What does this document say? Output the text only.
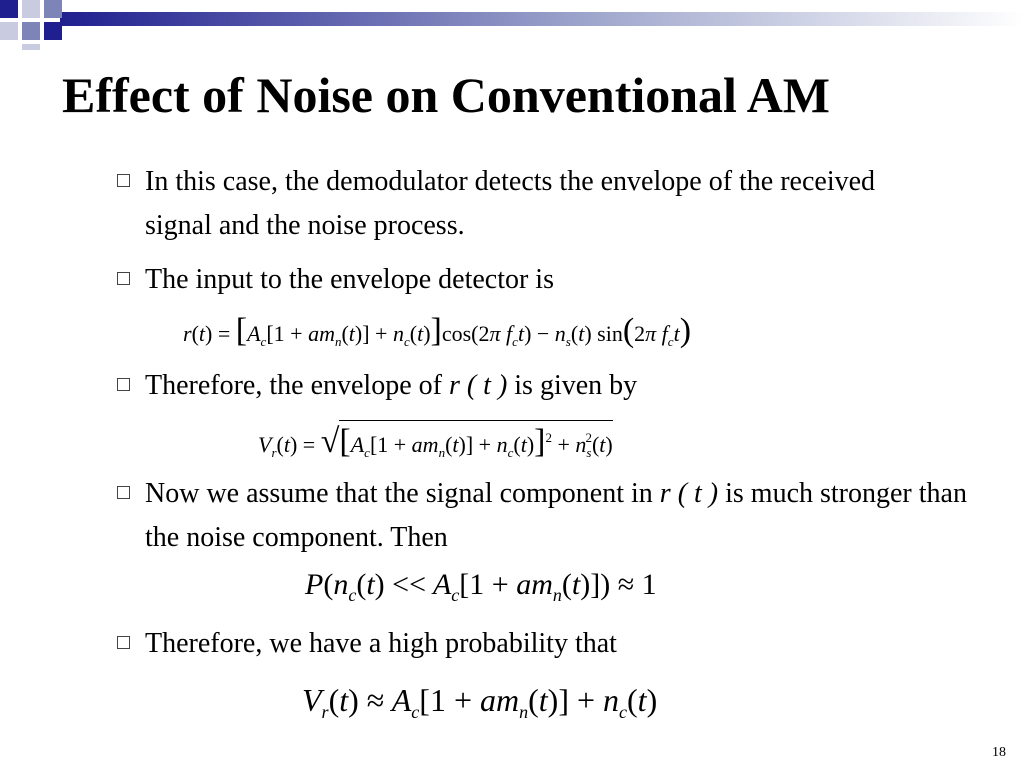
Effect of Noise on Conventional AM
In this case, the demodulator detects the envelope of the received signal and the noise process.
The input to the envelope detector is
$r(t) = [A_c[1 + am_n(t)] + n_c(t)]\cos(2\pi$ $f_ct) - n_s(t)$ sin(2π $f_ct$)
Therefore, the envelope of r ( t ) is given by
$V_r(t) = √[A_c[1 + am_n(t)] + n_c(t)]^2 + n_s^2(t)$
Now we assume that the signal component in r ( t ) is much stronger than the noise component. Then
$P(n_c(t) << A_c[1 + am_n(t)]) \approx 1$
Therefore, we have a high probability that
$V_r(t) \approx A_c[1 + am_n(t)] + n_c(t)$
18
